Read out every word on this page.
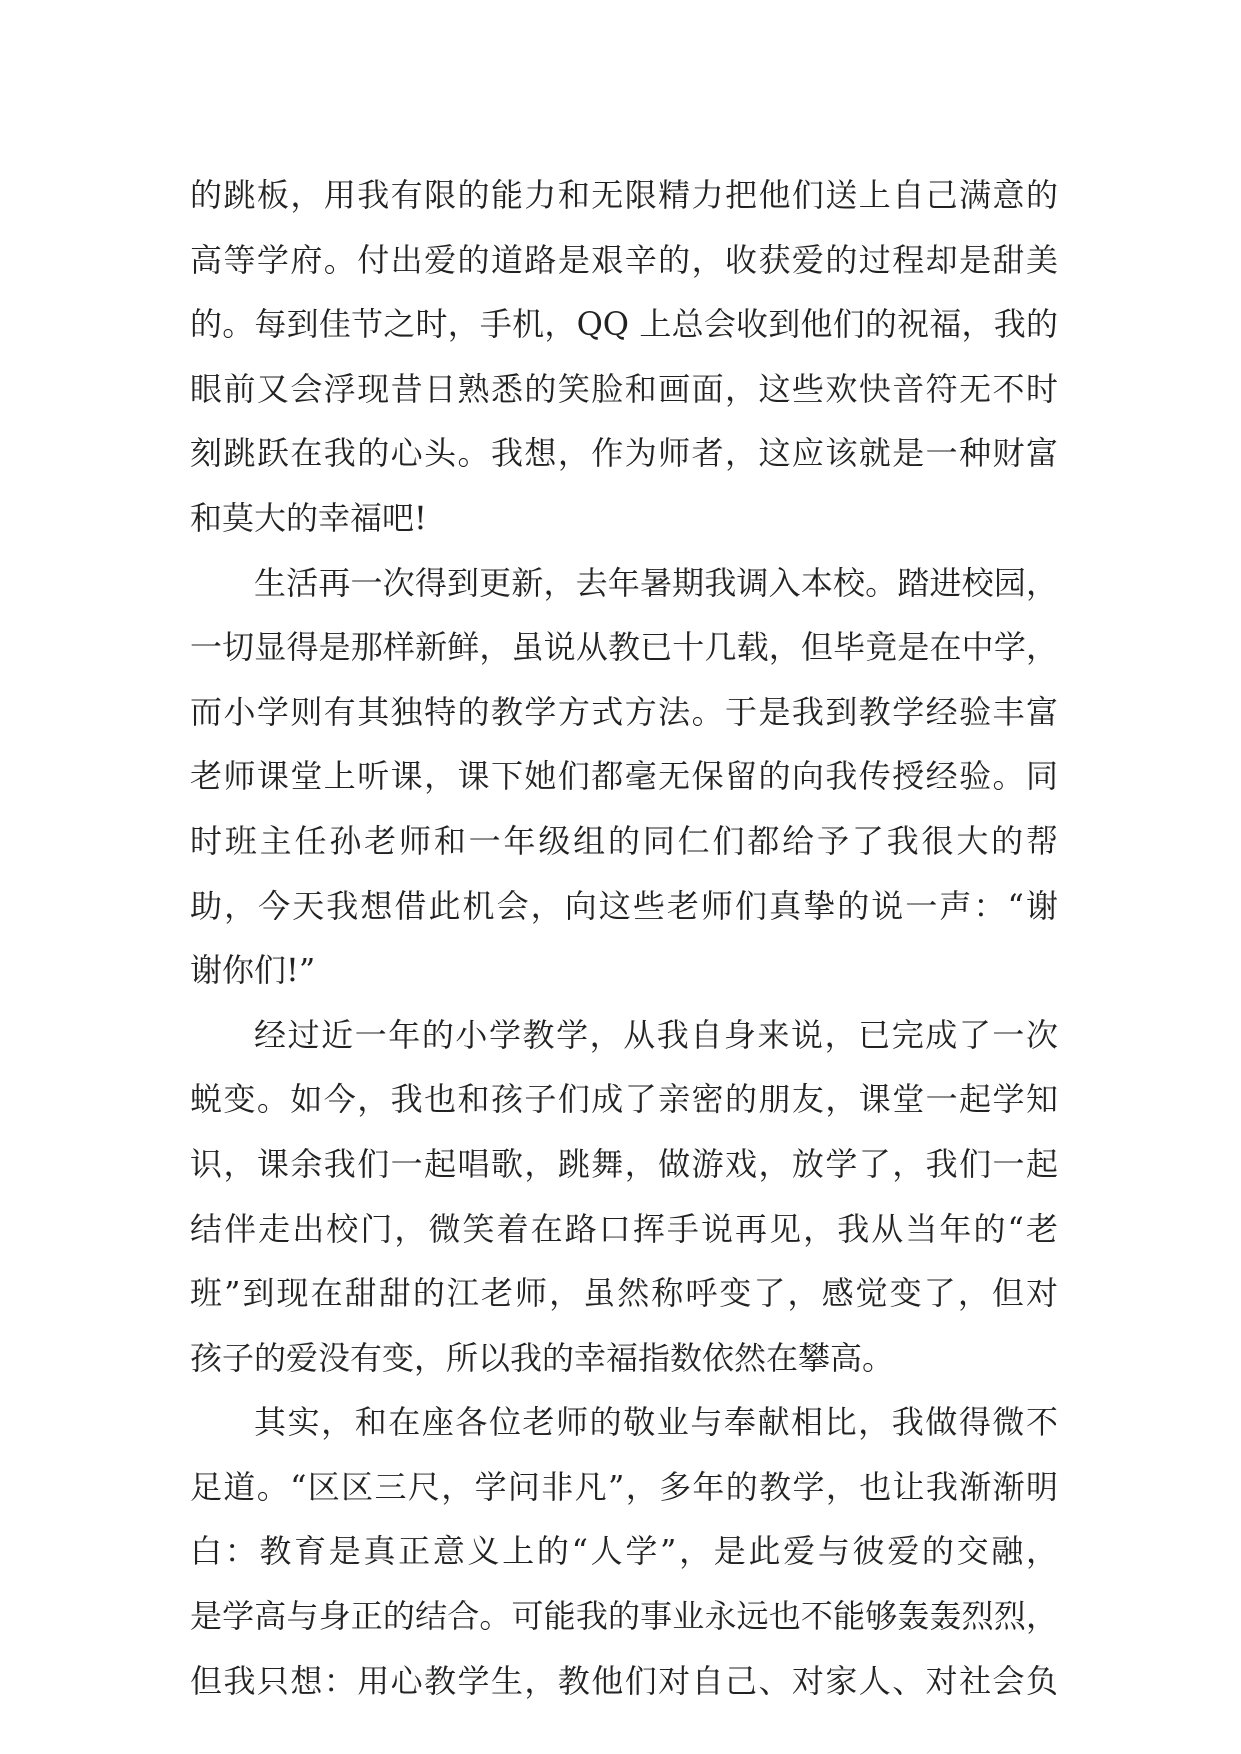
的跳板，用我有限的能力和无限精力把他们送上自己满意的
高等学府。付出爱的道路是艰辛的，收获爱的过程却是甜美
的。每到佳节之时，手机，QQ 上总会收到他们的祝福，我的
眼前又会浮现昔日熟悉的笑脸和画面，这些欢快音符无不时
刻跳跃在我的心头。我想，作为师者，这应该就是一种财富
和莫大的幸福吧!
生活再一次得到更新，去年暑期我调入本校。踏进校园，
一切显得是那样新鲜，虽说从教已十几载，但毕竟是在中学，
而小学则有其独特的教学方式方法。于是我到教学经验丰富
老师课堂上听课，课下她们都毫无保留的向我传授经验。同
时班主任孙老师和一年级组的同仁们都给予了我很大的帮
助，今天我想借此机会，向这些老师们真挚的说一声：“谢
谢你们!”
经过近一年的小学教学，从我自身来说，已完成了一次
蜕变。如今，我也和孩子们成了亲密的朋友，课堂一起学知
识，课余我们一起唱歌，跳舞，做游戏，放学了，我们一起
结伴走出校门，微笑着在路口挥手说再见，我从当年的“老
班”到现在甜甜的江老师，虽然称呼变了，感觉变了，但对
孩子的爱没有变，所以我的幸福指数依然在攀高。
其实，和在座各位老师的敬业与奉献相比，我做得微不
足道。“区区三尺，学问非凡”，多年的教学，也让我渐渐明
白：教育是真正意义上的“人学”，是此爱与彼爱的交融，
是学高与身正的结合。可能我的事业永远也不能够轰轰烈烈，
但我只想：用心教学生，教他们对自己、对家人、对社会负
